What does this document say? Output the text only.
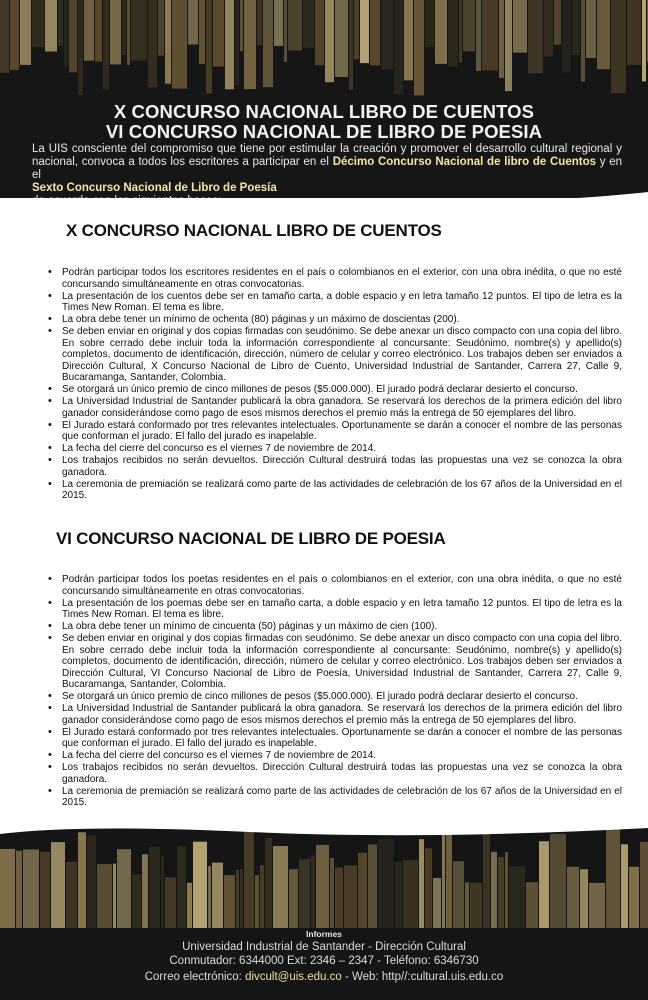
X CONCURSO NACIONAL LIBRO DE CUENTOS
VI CONCURSO NACIONAL DE LIBRO DE POESIA
La UIS consciente del compromiso que tiene por estimular la creación y promover el desarrollo cultural regional y nacional, convoca a todos los escritores a participar en el Décimo Concurso Nacional de libro de Cuentos y en el
Sexto Concurso Nacional de Libro de Poesía

X CONCURSO NACIONAL LIBRO DE CUENTOS
• Podrán participar todos los escritores residentes en el país o colombianos en el exterior, con una obra inédita, o que no esté concursando simultáneamente en otras convocatorias.
• La presentación de los cuentos debe ser en tamaño carta, a doble espacio y en letra tamaño 12 puntos. El tipo de letra es la Times New Roman. El tema es libre.
• La obra debe tener un mínimo de ochenta (80) páginas y un máximo de doscientas (200).
• Se deben enviar en original y dos copias firmadas con seudónimo. Se debe anexar un disco compacto con una copia del libro. En sobre cerrado debe incluir toda la información correspondiente al concursante: Seudónimo, nombre(s) y apellido(s) completos, documento de identificación, dirección, número de celular y correo electrónico. Los trabajos deben ser enviados a Dirección Cultural, X Concurso Nacional de Libro de Cuento, Universidad Industrial de Santander, Carrera 27, Calle 9, Bucaramanga, Santander, Colombia.
• Se otorgará un único premio de cinco millones de pesos ($5.000.000). El jurado podrá declarar desierto el concurso.
• La Universidad Industrial de Santander publicará la obra ganadora. Se reservará los derechos de la primera edición del libro ganador considerándose como pago de esos mismos derechos el premio más la entrega de 50 ejemplares del libro.
• El Jurado estará conformado por tres relevantes intelectuales. Oportunamente se darán a conocer el nombre de las personas que conforman el jurado. El fallo del jurado es inapelable.
• La fecha del cierre del concurso es el viernes 7 de noviembre de 2014.
• Los trabajos recibidos no serán devueltos. Dirección Cultural destruirá todas las propuestas una vez se conozca la obra ganadora.
• La ceremonia de premiación se realizará como parte de las actividades de celebración de los 67 años de la Universidad en el 2015.
VI CONCURSO NACIONAL DE LIBRO DE POESIA
• Podrán participar todos los poetas residentes en el país o colombianos en el exterior, con una obra inédita, o que no esté concursando simultáneamente en otras convocatorias.
• La presentación de los poemas debe ser en tamaño carta, a doble espacio y en letra tamaño 12 puntos. El tipo de letra es la Times New Roman. El tema es libre.
• La obra debe tener un mínimo de cincuenta (50) páginas y un máximo de cien (100).
• Se deben enviar en original y dos copias firmadas con seudónimo. Se debe anexar un disco compacto con una copia del libro. En sobre cerrado debe incluir toda la información correspondiente al concursante: Seudónimo, nombre(s) y apellido(s) completos, documento de identificación, dirección, número de celular y correo electrónico. Los trabajos deben ser enviados a Dirección Cultural, VI Concurso Nacional de Libro de Poesía, Universidad Industrial de Santander, Carrera 27, Calle 9, Bucaramanga, Santander, Colombia.
• Se otorgará un único premio de cinco millones de pesos ($5.000.000). El jurado podrá declarar desierto el concurso.
• La Universidad Industrial de Santander publicará la obra ganadora. Se reservará los derechos de la primera edición del libro ganador considerándose como pago de esos mismos derechos el premio más la entrega de 50 ejemplares del libro.
• El Jurado estará conformado por tres relevantes intelectuales. Oportunamente se darán a conocer el nombre de las personas que conforman el jurado. El fallo del jurado es inapelable.
• La fecha del cierre del concurso es el viernes 7 de noviembre de 2014.
• Los trabajos recibidos no serán devueltos. Dirección Cultural destruirá todas las propuestas una vez se conozca la obra ganadora.
• La ceremonia de premiación se realizará como parte de las actividades de celebración de los 67 años de la Universidad en el 2015.
Informes
Universidad Industrial de Santander - Dirección Cultural
Conmutador: 6344000 Ext: 2346 – 2347 - Teléfono: 6346730
Correo electrónico: divcult@uis.edu.co - Web: http//:cultural.uis.edu.co
